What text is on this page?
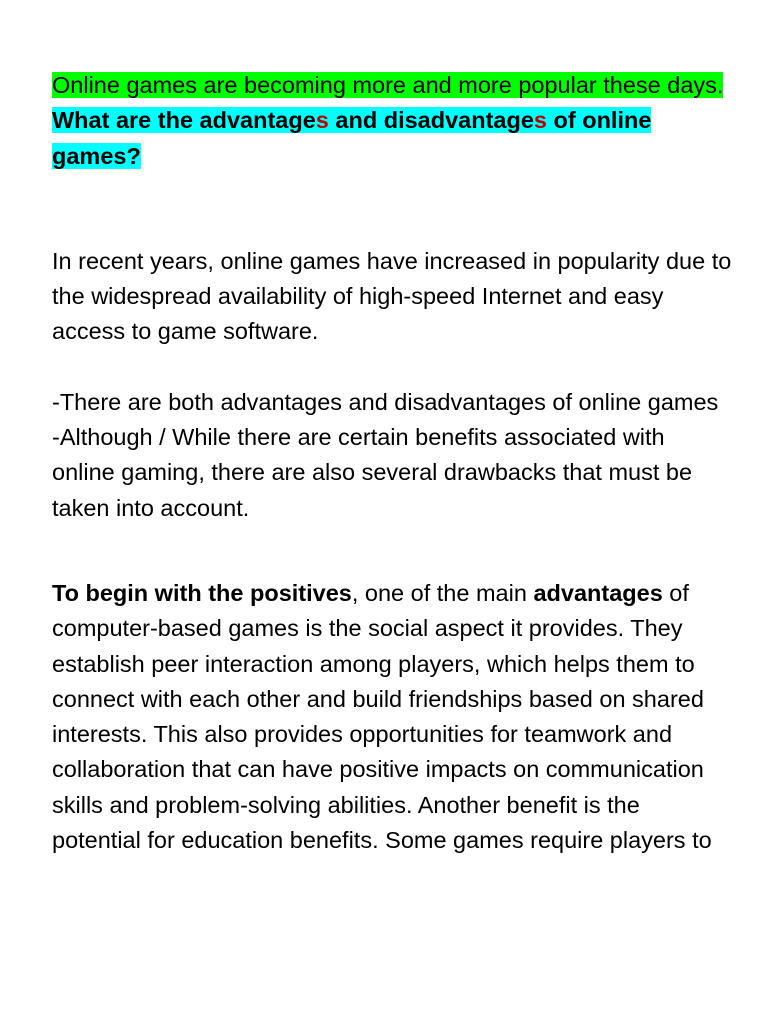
Online games are becoming more and more popular these days.

What are the advantages and disadvantages of online games?

In recent years, online games have increased in popularity due to the widespread availability of high-speed Internet and easy access to game software.

-There are both advantages and disadvantages of online games

-Although / While there are certain benefits associated with online gaming, there are also several drawbacks that must be taken into account.

To begin with the positives, one of the main advantages of computer-based games is the social aspect it provides. They establish peer interaction among players, which helps them to connect with each other and build friendships based on shared interests. This also provides opportunities for teamwork and collaboration that can have positive impacts on communication skills and problem-solving abilities. Another benefit is the potential for education benefits. Some games require players to
